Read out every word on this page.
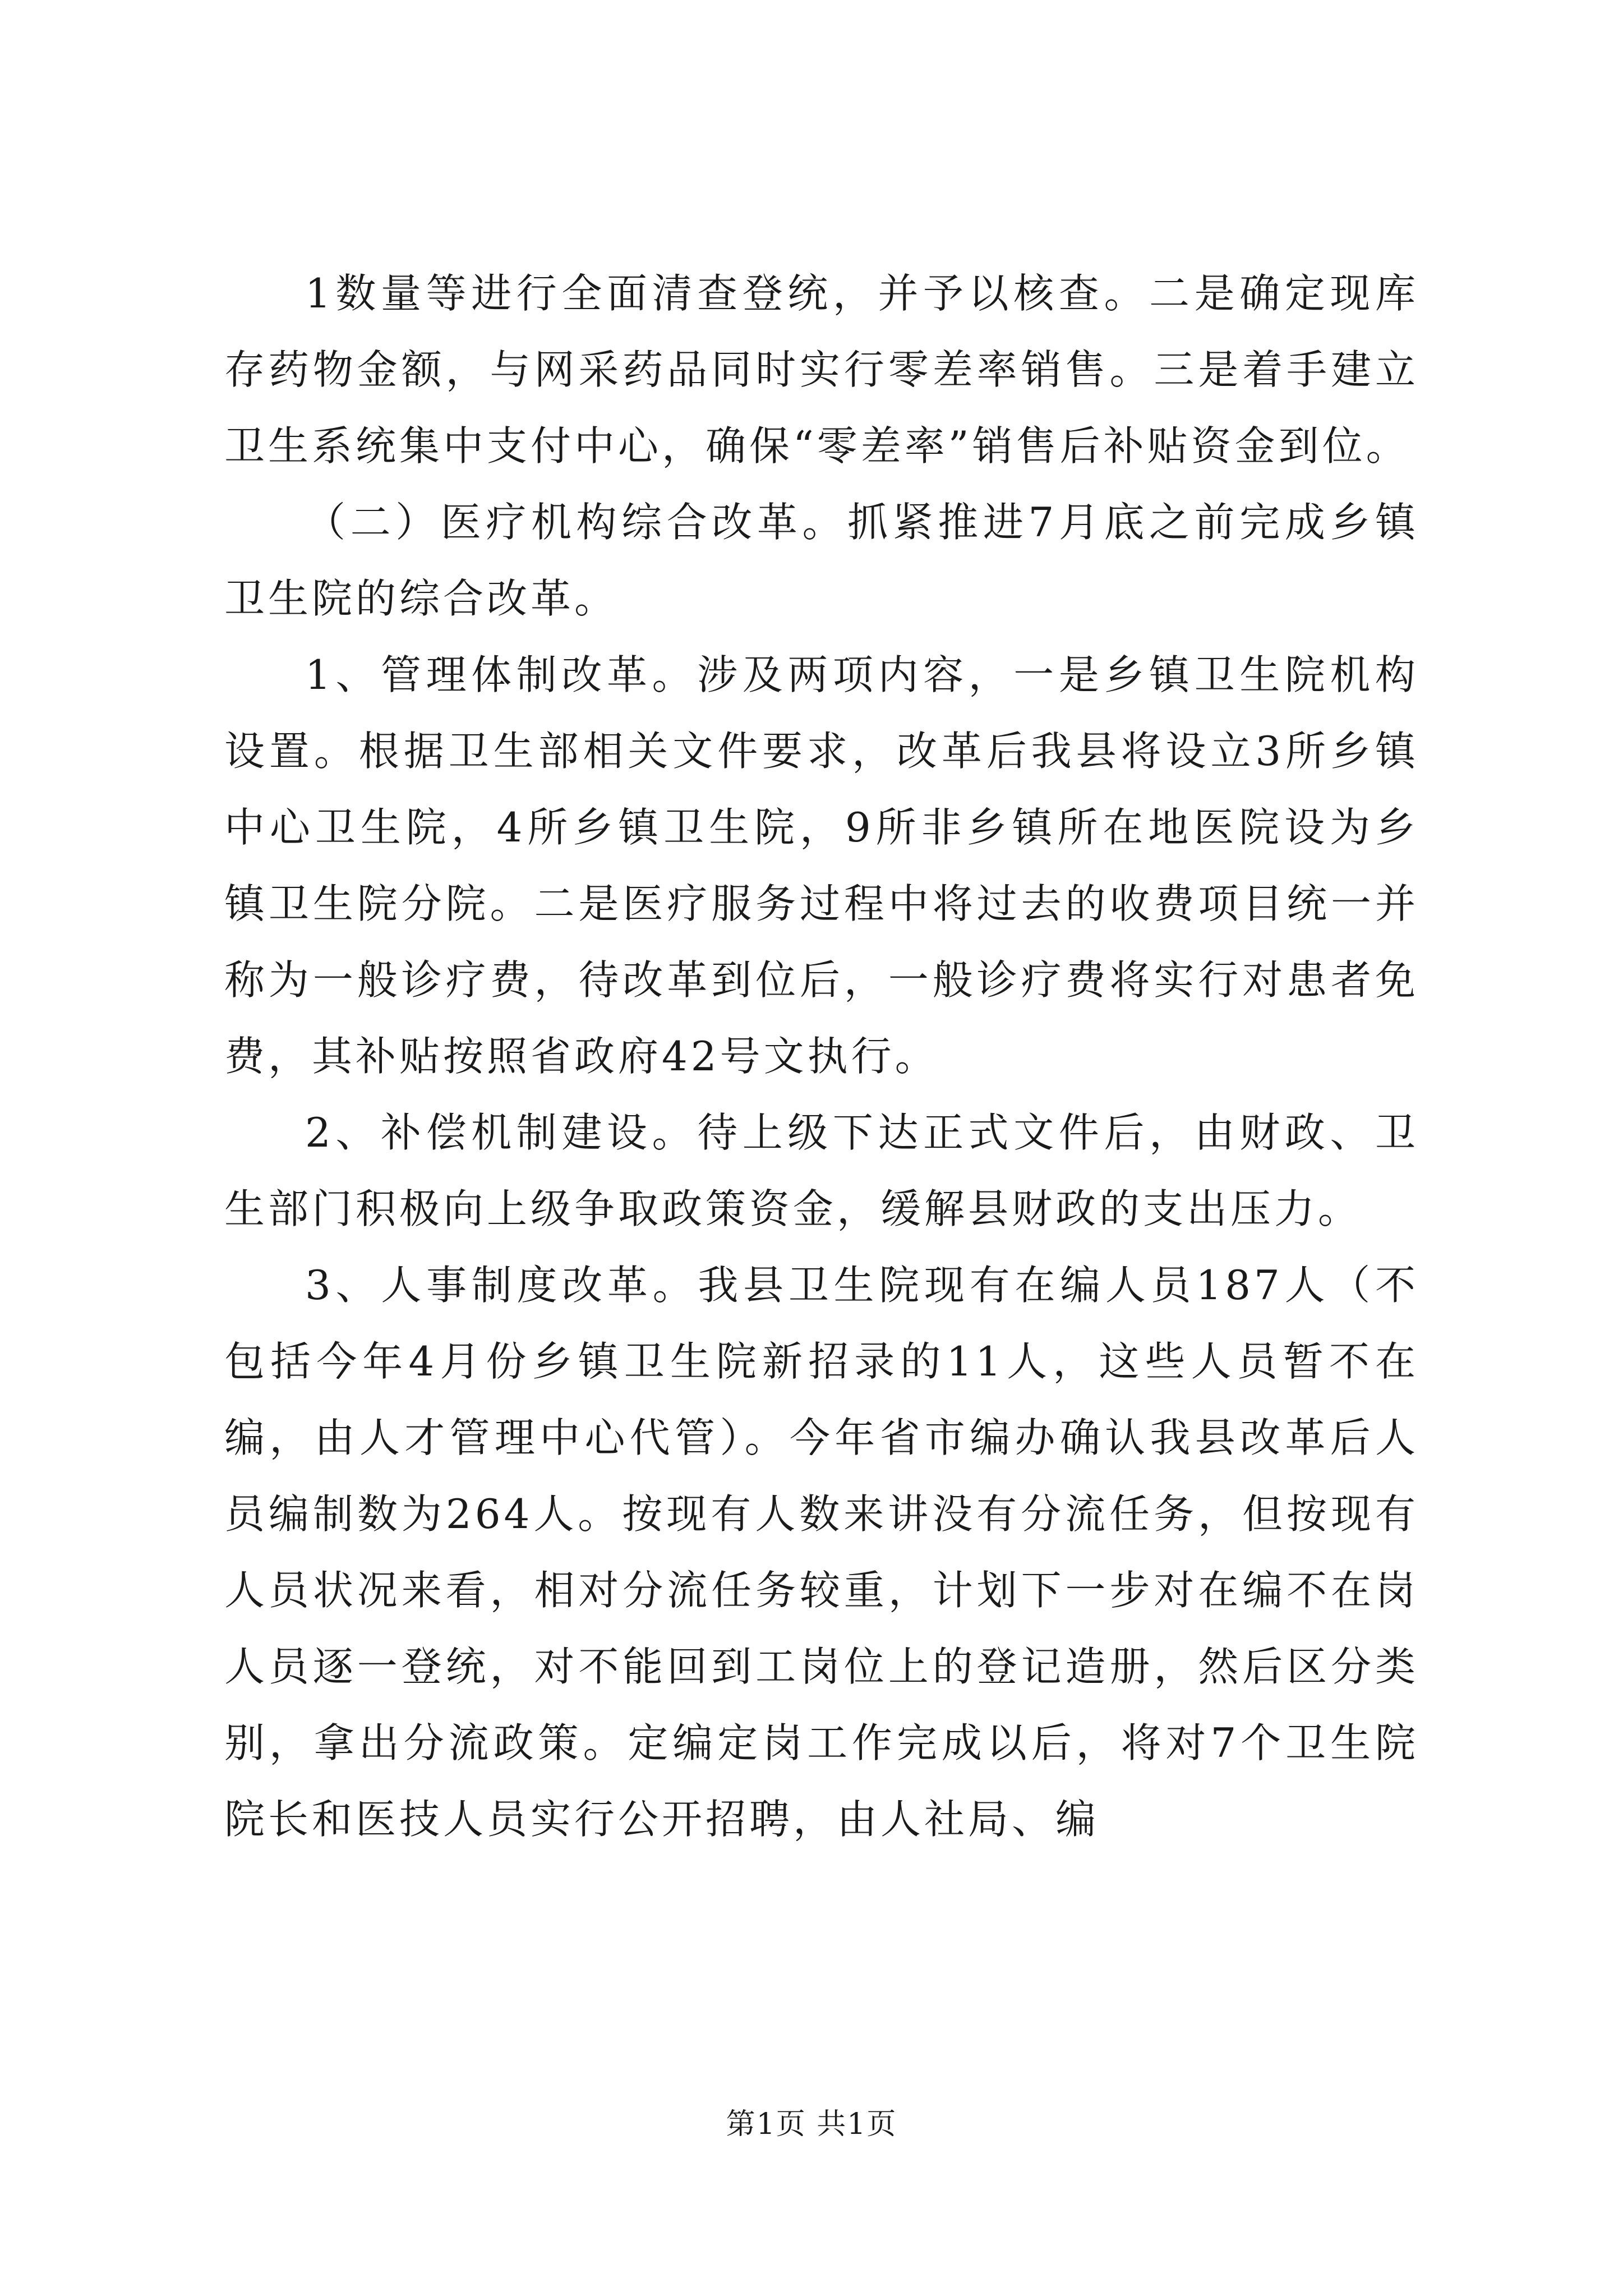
1数量等进行全面清查登统，并予以核查。二是确定现库存药物金额，与网采药品同时实行零差率销售。三是着手建立卫生系统集中支付中心，确保“零差率”销售后补贴资金到位。

（二）医疗机构综合改革。抓紧推进7月底之前完成乡镇卫生院的综合改革。

1、管理体制改革。涉及两项内容，一是乡镇卫生院机构设置。根据卫生部相关文件要求，改革后我县将设立3所乡镇中心卫生院，4所乡镇卫生院，9所非乡镇所在地医院设为乡镇卫生院分院。二是医疗服务过程中将过去的收费项目统一并称为一般诊疗费，待改革到位后，一般诊疗费将实行对患者免费，其补贴按照省政府42号文执行。

2、补偿机制建设。待上级下达正式文件后，由财政、卫生部门积极向上级争取政策资金，缓解县财政的支出压力。

3、人事制度改革。我县卫生院现有在编人员187人（不包括今年4月份乡镇卫生院新招录的11人，这些人员暂不在编，由人才管理中心代管）。今年省市编办确认我县改革后人员编制数为264人。按现有人数来讲没有分流任务，但按现有人员状况来看，相对分流任务较重，计划下一步对在编不在岗人员逐一登统，对不能回到工岗位上的登记造册，然后区分类别，拿出分流政策。定编定岗工作完成以后，将对7个卫生院院长和医技人员实行公开招聘，由人社局、编

第1页 共1页
